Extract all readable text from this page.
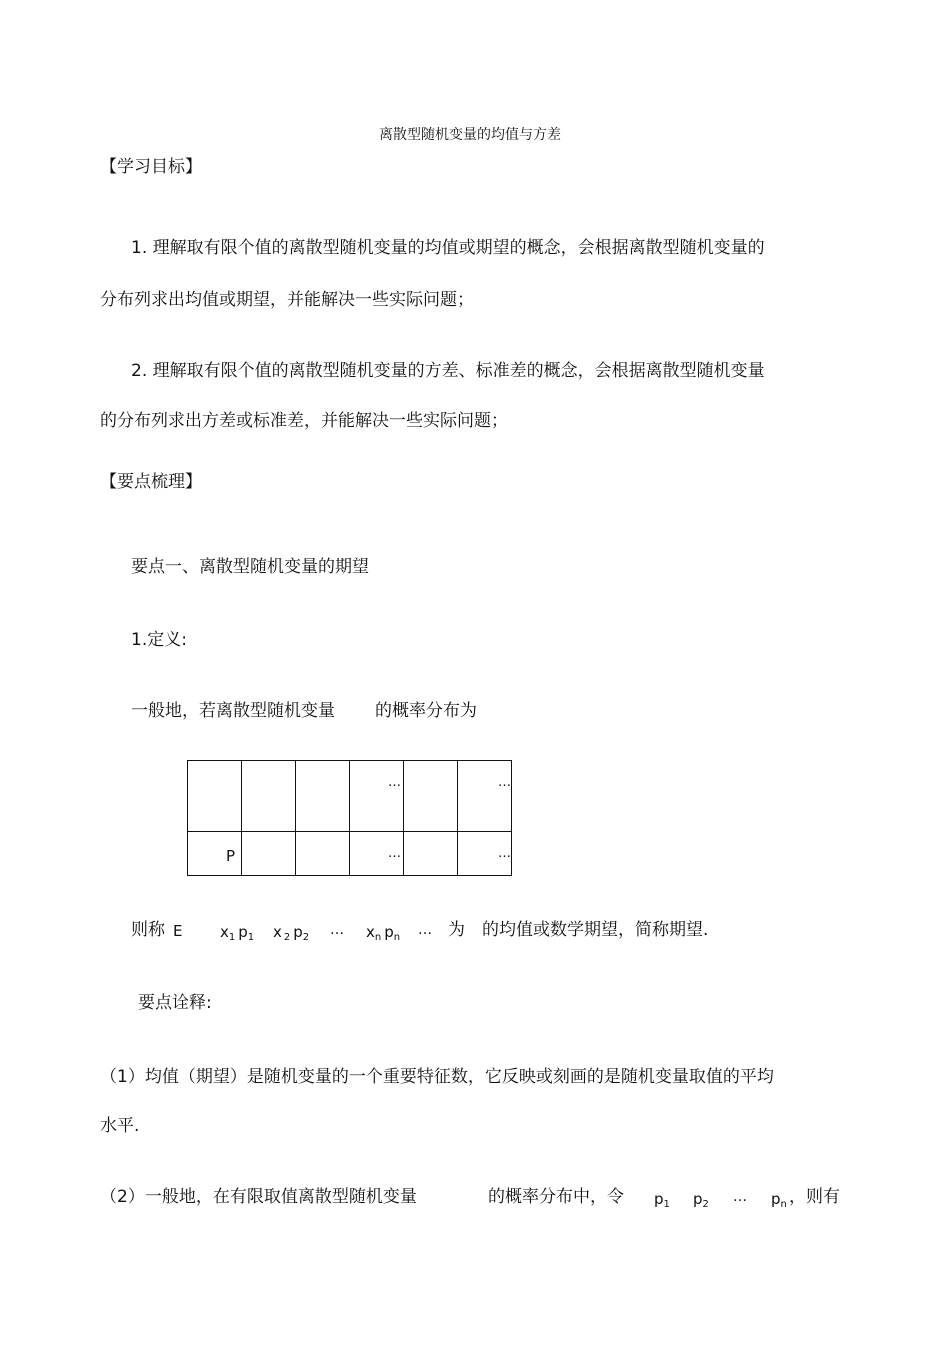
离散型随机变量的均值与方差
【学习目标】
1. 理解取有限个值的离散型随机变量的均值或期望的概念，会根据离散型随机变量的
分布列求出均值或期望，并能解决一些实际问题；
2. 理解取有限个值的离散型随机变量的方差、标准差的概念，会根据离散型随机变量
的分布列求出方差或标准差，并能解决一些实际问题；
【要点梳理】
要点一、离散型随机变量的期望
1.定义:
一般地，若离散型随机变量 的概率分布为

			…		…

P			…		…
则称 E	$x_1$ $p_1$ x $_2$ $p_2$ … $x_n$ $p_n$ … 为 的均值或数学期望，简称期望.
要点诠释:
（1）均值（期望）是随机变量的一个重要特征数，它反映或刻画的是随机变量取值的平均
水平.
（2）一般地，在有限取值离散型随机变量	的概率分布中，令 $p_1$ $p_2$ … $p_n$ ，则有
